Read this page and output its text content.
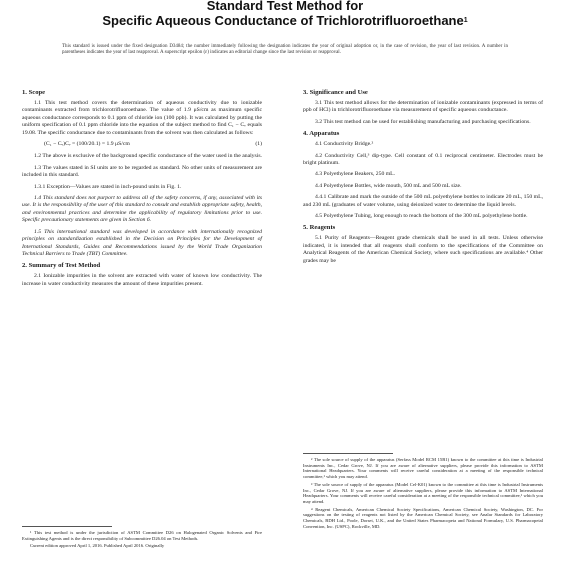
Standard Test Method for
Specific Aqueous Conductance of Trichlorotrifluoroethane$^1$
This standard is issued under the fixed designation D3484; the number immediately following the designation indicates the year of original adoption or, in the case of revision, the year of last revision. A number in parentheses indicates the year of last reapproval. A superscript epsilon (ε) indicates an editorial change since the last revision or reapproval.
1. Scope

1.1 This test method covers the determination of aqueous conductivity due to ionizable contaminants extracted from trichlorotrifluoroethane. The value of 1.9 μS/cm as maximum specific aqueous conductance corresponds to 0.1 ppm of chloride ion (100 ppb). It was calculated by putting the uniform specification of 0.1 ppm chloride into the equation of the subject method to find C₁ − Cᵥ equals 19.08. The specific conductance due to contaminants from the solvent was then calculated as follows:

(C₁ − Cᵥ)Cᵥ = (100/20.1) = 1.9 μS/cm	(1)

1.2 The above is exclusive of the background specific conductance of the water used in the analysis.

1.3 The values stated in SI units are to be regarded as standard. No other units of measurement are included in this standard.

1.3.1 Exception—Values are stated in inch-pound units in Fig. 1.

1.4 This standard does not purport to address all of the safety concerns, if any, associated with its use. It is the responsibility of the user of this standard to consult and establish appropriate safety, health, and environmental practices and determine the applicability of regulatory limitations prior to use. Specific precautionary statements are given in Section 6.

1.5 This international standard was developed in accordance with internationally recognized principles on standardization established in the Decision on Principles for the Development of International Standards, Guides and Recommendations issued by the World Trade Organization Technical Barriers to Trade (TBT) Committee.

2. Summary of Test Method

2.1 Ionizable impurities in the solvent are extracted with water of known low conductivity. The increase in water conductivity measures the amount of these impurities present.

¹ This test method is under the jurisdiction of ASTM Committee D26 on Halogenated Organic Solvents and Fire Extinguishing Agents and is the direct responsibility of Subcommittee D26.04 on Test Methods.

Current edition approved April 1, 2016. Published April 2016. Originally

3. Significance and Use

3.1 This test method allows for the determination of ionizable contaminants (expressed in terms of ppb of HCl) in trichlorotrifluoroethane via measurement of specific aqueous conductance.

3.2 This test method can be used for establishing manufacturing and purchasing specifications.

4. Apparatus

4.1 Conductivity Bridge.²

4.2 Conductivity Cell,³ dip-type. Cell constant of 0.1 reciprocal centimeter. Electrodes must be bright platinum.

4.3 Polyethylene Beakers, 250 mL.

4.4 Polyethylene Bottles, wide mouth, 500 mL and 500 mL size.

4.4.1 Calibrate and mark the outside of the 500 mL polyethylene bottles to indicate 20 mL, 150 mL, and 230 mL (graduates of water volume, using deionized water to determine the liquid levels.

4.5 Polyethylene Tubing, long enough to reach the bottom of the 300 mL polyethylene bottle.

5. Reagents

5.1 Purity of Reagents—Reagent grade chemicals shall be used in all tests. Unless otherwise indicated, it is intended that all reagents shall conform to the specifications of the Committee on Analytical Reagents of the American Chemical Society, where such specifications are available.⁴ Other grades may be

² The sole source of supply of the apparatus (Serfass Model RCM 15B1) known to the committee at this time is Industrial Instruments Inc., Cedar Grove, NJ. If you are aware of alternative suppliers, please provide this information to ASTM International Headquarters. Your comments will receive careful consideration at a meeting of the responsible technical committee,¹ which you may attend.

³ The sole source of supply of the apparatus (Model Cel-K01) known to the committee at this time is Industrial Instruments Inc., Cedar Grove, NJ. If you are aware of alternative suppliers, please provide this information to ASTM International Headquarters. Your comments will receive careful consideration at a meeting of the responsible technical committee,¹ which you may attend.

⁴ Reagent Chemicals, American Chemical Society Specifications, American Chemical Society, Washington, DC. For suggestions on the testing of reagents not listed by the American Chemical Society, see Analar Standards for Laboratory Chemicals, BDH Ltd., Poole, Dorset, U.K., and the United States Pharmacopeia and National Formulary, U.S. Pharmacopeial Convention, Inc. (USPC), Rockville, MD.
